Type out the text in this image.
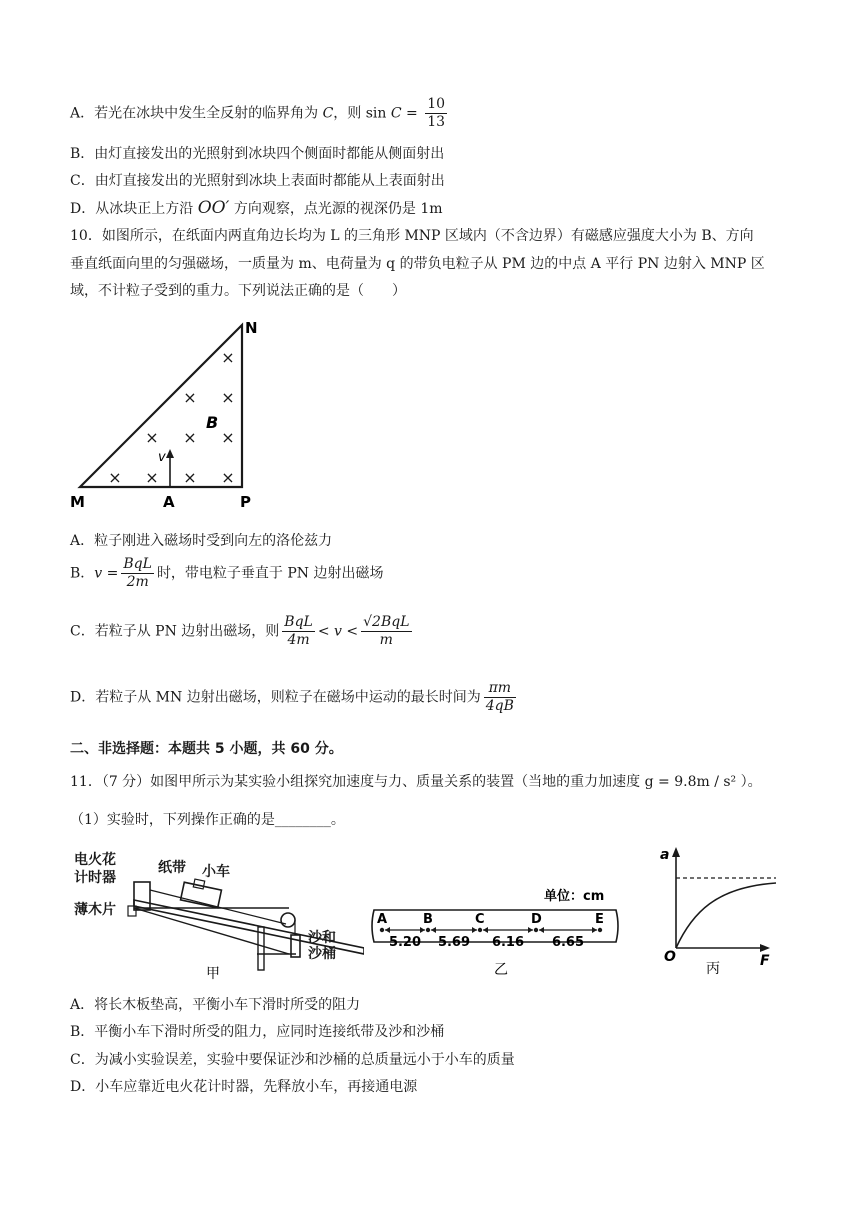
A．若光在冰块中发生全反射的临界角为 C，则 $\sin C = \frac{10}{13}$
B．由灯直接发出的光照射到冰块四个侧面时都能从侧面射出
C．由灯直接发出的光照射到冰块上表面时都能从上表面射出
D．从冰块正上方沿 OO′ 方向观察，点光源的视深仍是 1m
10．如图所示，在纸面内两直角边长均为 L 的三角形 MNP 区域内（不含边界）有磁感应强度大小为 B、方向
垂直纸面向里的匀强磁场，一质量为 m、电荷量为 q 的带负电粒子从 PM 边的中点 A 平行 PN 边射入 MNP 区
域，不计粒子受到的重力。下列说法正确的是（　　）
×
× ×
× × ×
× × × ×
v
B
N
M	A	P
A．粒子刚进入磁场时受到向左的洛伦兹力
B．$v = \frac{\text{BqL}}{2m}$ 时，带电粒子垂直于 PN 边射出磁场
C．若粒子从 PN 边射出磁场，则 $\frac{\text{BqL}}{4m} < v < \frac{\text{√2BqL}}{m}$
D．若粒子从 MN 边射出磁场，则粒子在磁场中运动的最长时间为 $\frac{\pi m}{4qB}$
二、非选择题：本题共 5 小题，共 60 分。
11．（7 分）如图甲所示为某实验小组探究加速度与力、质量关系的装置（当地的重力加速度 g = 9.8m / s² ）。
（1）实验时，下列操作正确的是________。
电火花
计时器
纸带 小车
薄木片
沙和
沙桶
甲
单位：cm
A	B	C	D	E
5.20 5.69 6.16 6.65
乙
a
O	F
丙
A．将长木板垫高，平衡小车下滑时所受的阻力
B．平衡小车下滑时所受的阻力，应同时连接纸带及沙和沙桶
C．为减小实验误差，实验中要保证沙和沙桶的总质量远小于小车的质量
D．小车应靠近电火花计时器，先释放小车，再接通电源
